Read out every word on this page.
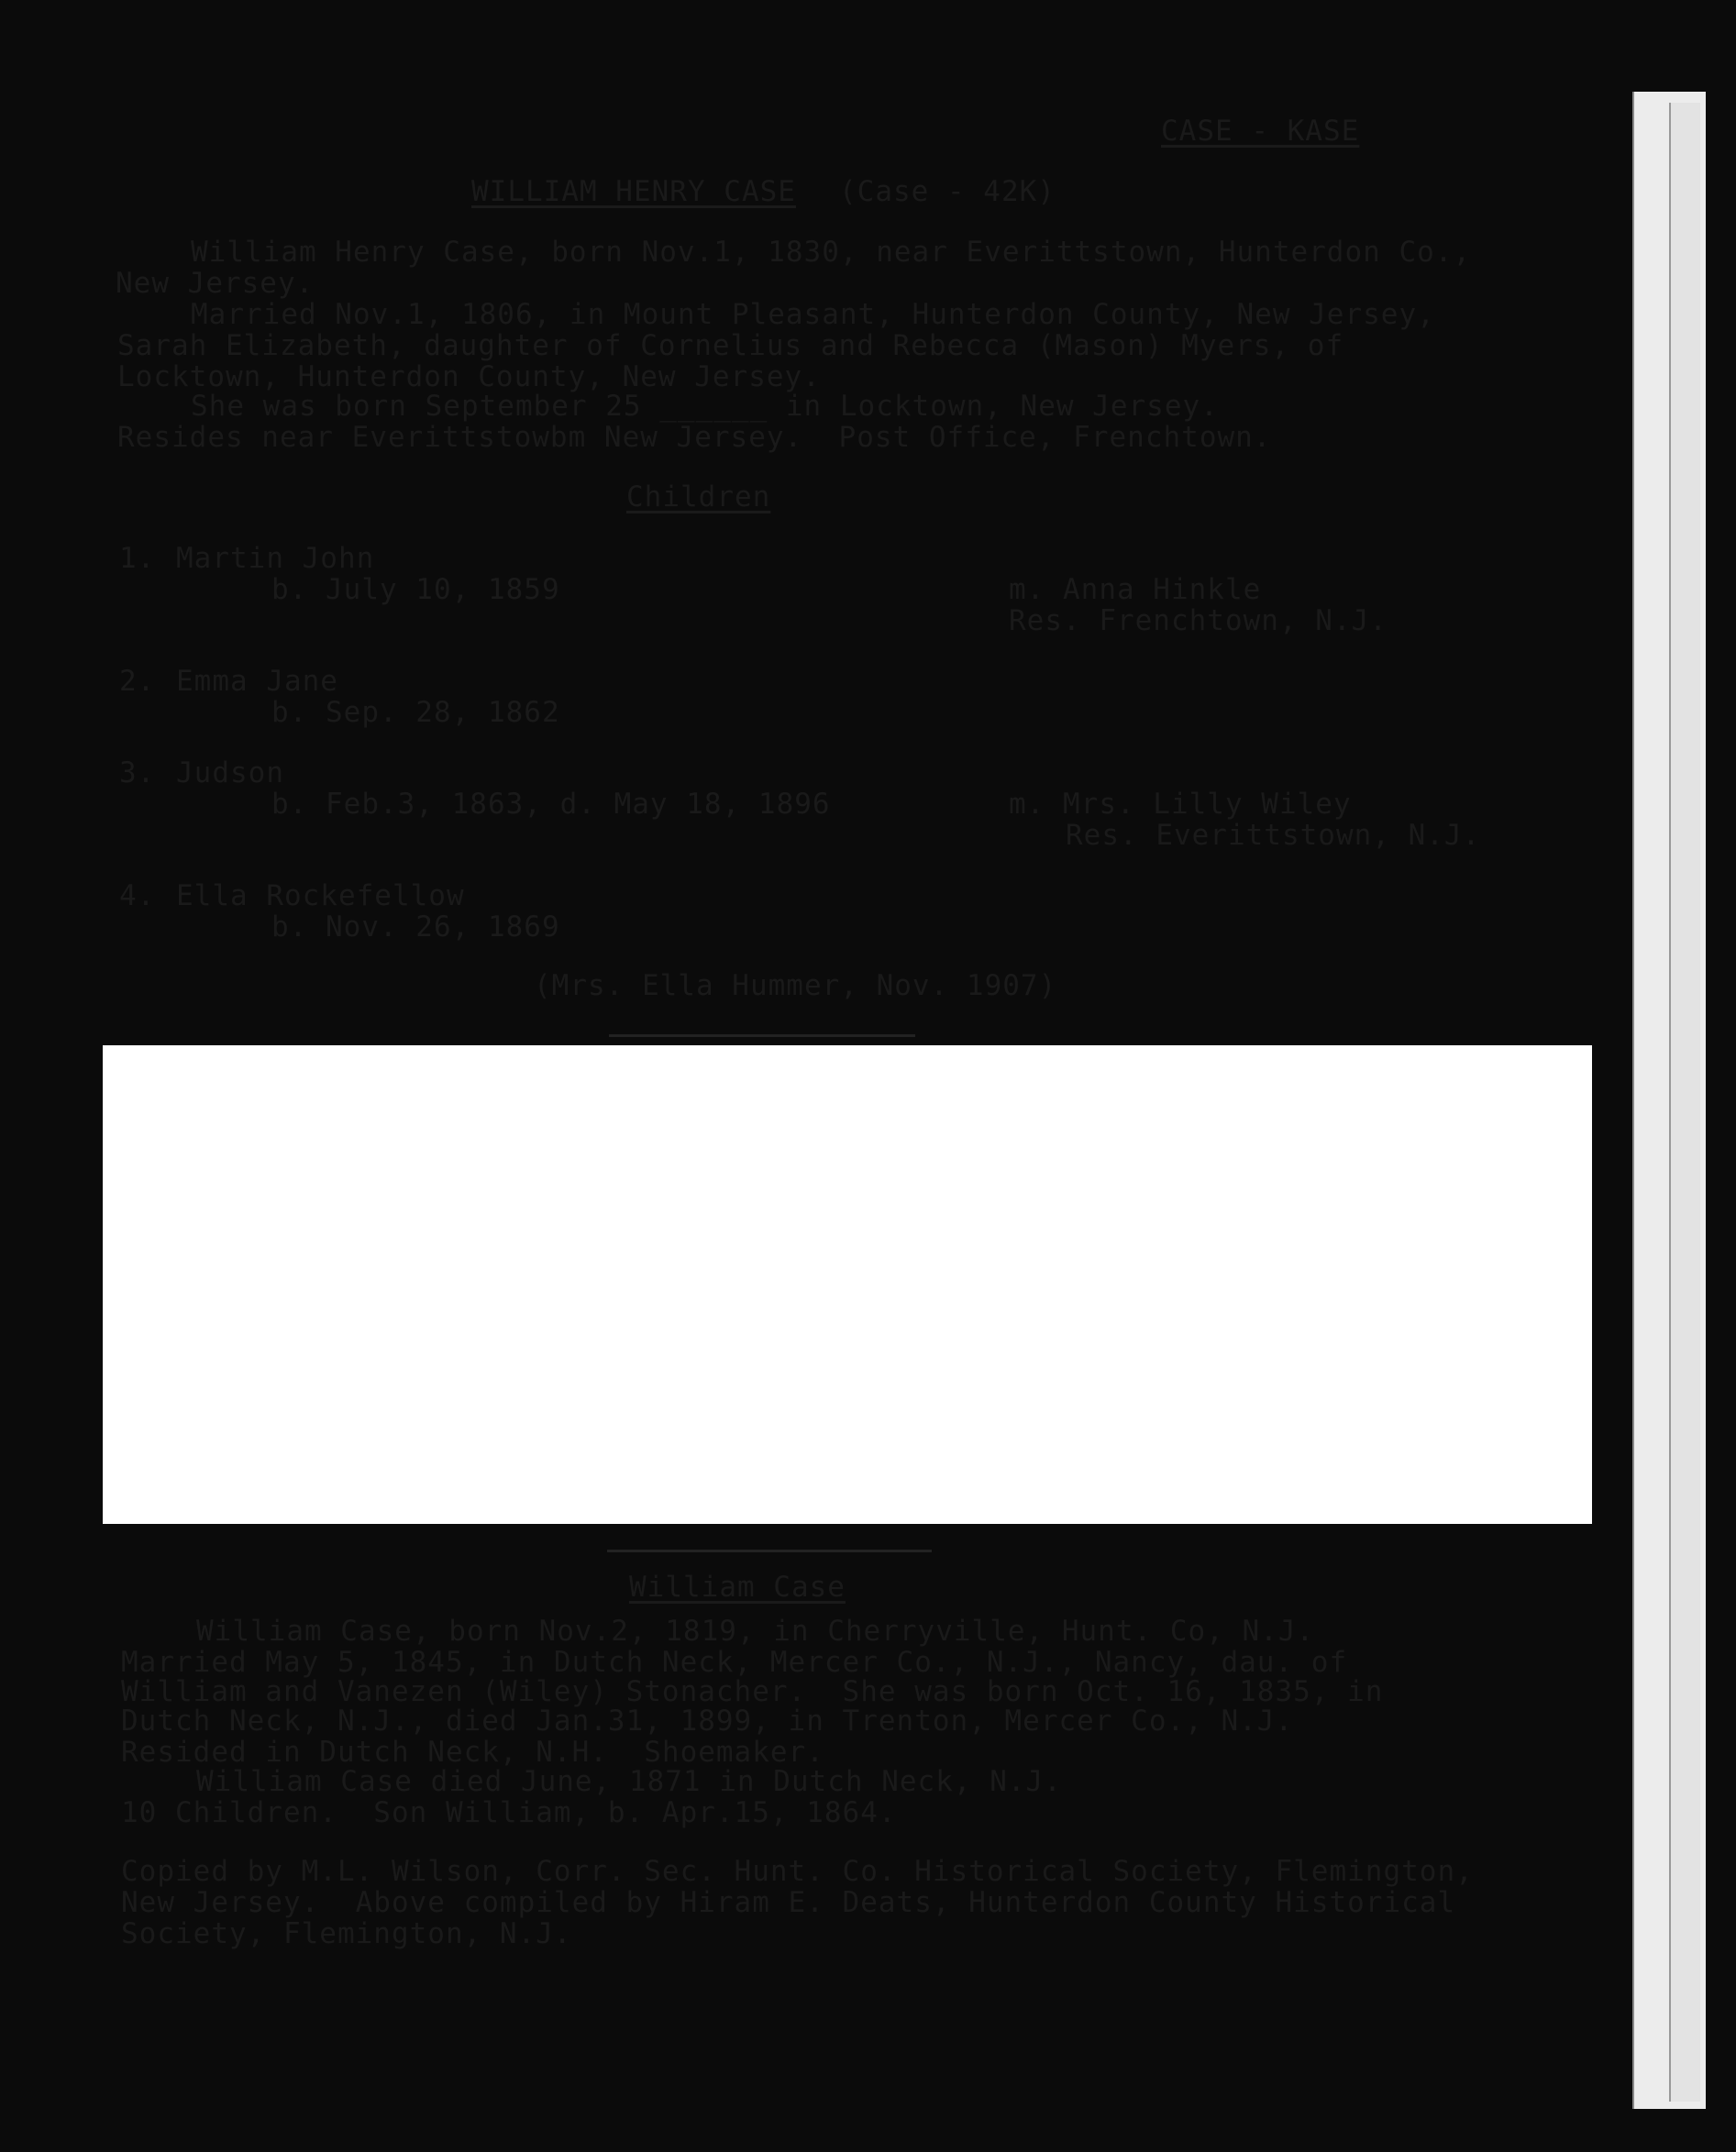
CASE - KASE
WILLIAM HENRY CASE (Case - 42K)
William Henry Case, born Nov.1, 1830, near Everittstown, Hunterdon Co.,
New Jersey.
Married Nov.1, 1806, in Mount Pleasant, Hunterdon County, New Jersey,
Sarah Elizabeth, daughter of Cornelius and Rebecca (Mason) Myers, of
Locktown, Hunterdon County, New Jersey.
She was born September 25 ______ in Locktown, New Jersey.
Resides near Everittstowbm New Jersey.  Post Office, Frenchtown.
Children
1. Martin John
b. July 10, 1859	m. Anna Hinkle
Res. Frenchtown, N.J.
2. Emma Jane
b. Sep. 28, 1862
3. Judson
b. Feb.3, 1863, d. May 18, 1896	m. Mrs. Lilly Wiley
Res. Everittstown, N.J.
4. Ella Rockefellow
b. Nov. 26, 1869
(Mrs. Ella Hummer, Nov. 1907)
William Case
William Case, born Nov.2, 1819, in Cherryville, Hunt. Co, N.J.
Married May 5, 1845, in Dutch Neck, Mercer Co., N.J., Nancy, dau. of
William and Vanezen (Wiley) Stonacher.  She was born Oct. 16, 1835, in
Dutch Neck, N.J., died Jan.31, 1899, in Trenton, Mercer Co., N.J.
Resided in Dutch Neck, N.H.  Shoemaker.
William Case died June, 1871 in Dutch Neck, N.J.
10 Children.  Son William, b. Apr.15, 1864.
Copied by M.L. Wilson, Corr. Sec. Hunt. Co. Historical Society, Flemington,
New Jersey.  Above compiled by Hiram E. Deats, Hunterdon County Historical
Society, Flemington, N.J.
